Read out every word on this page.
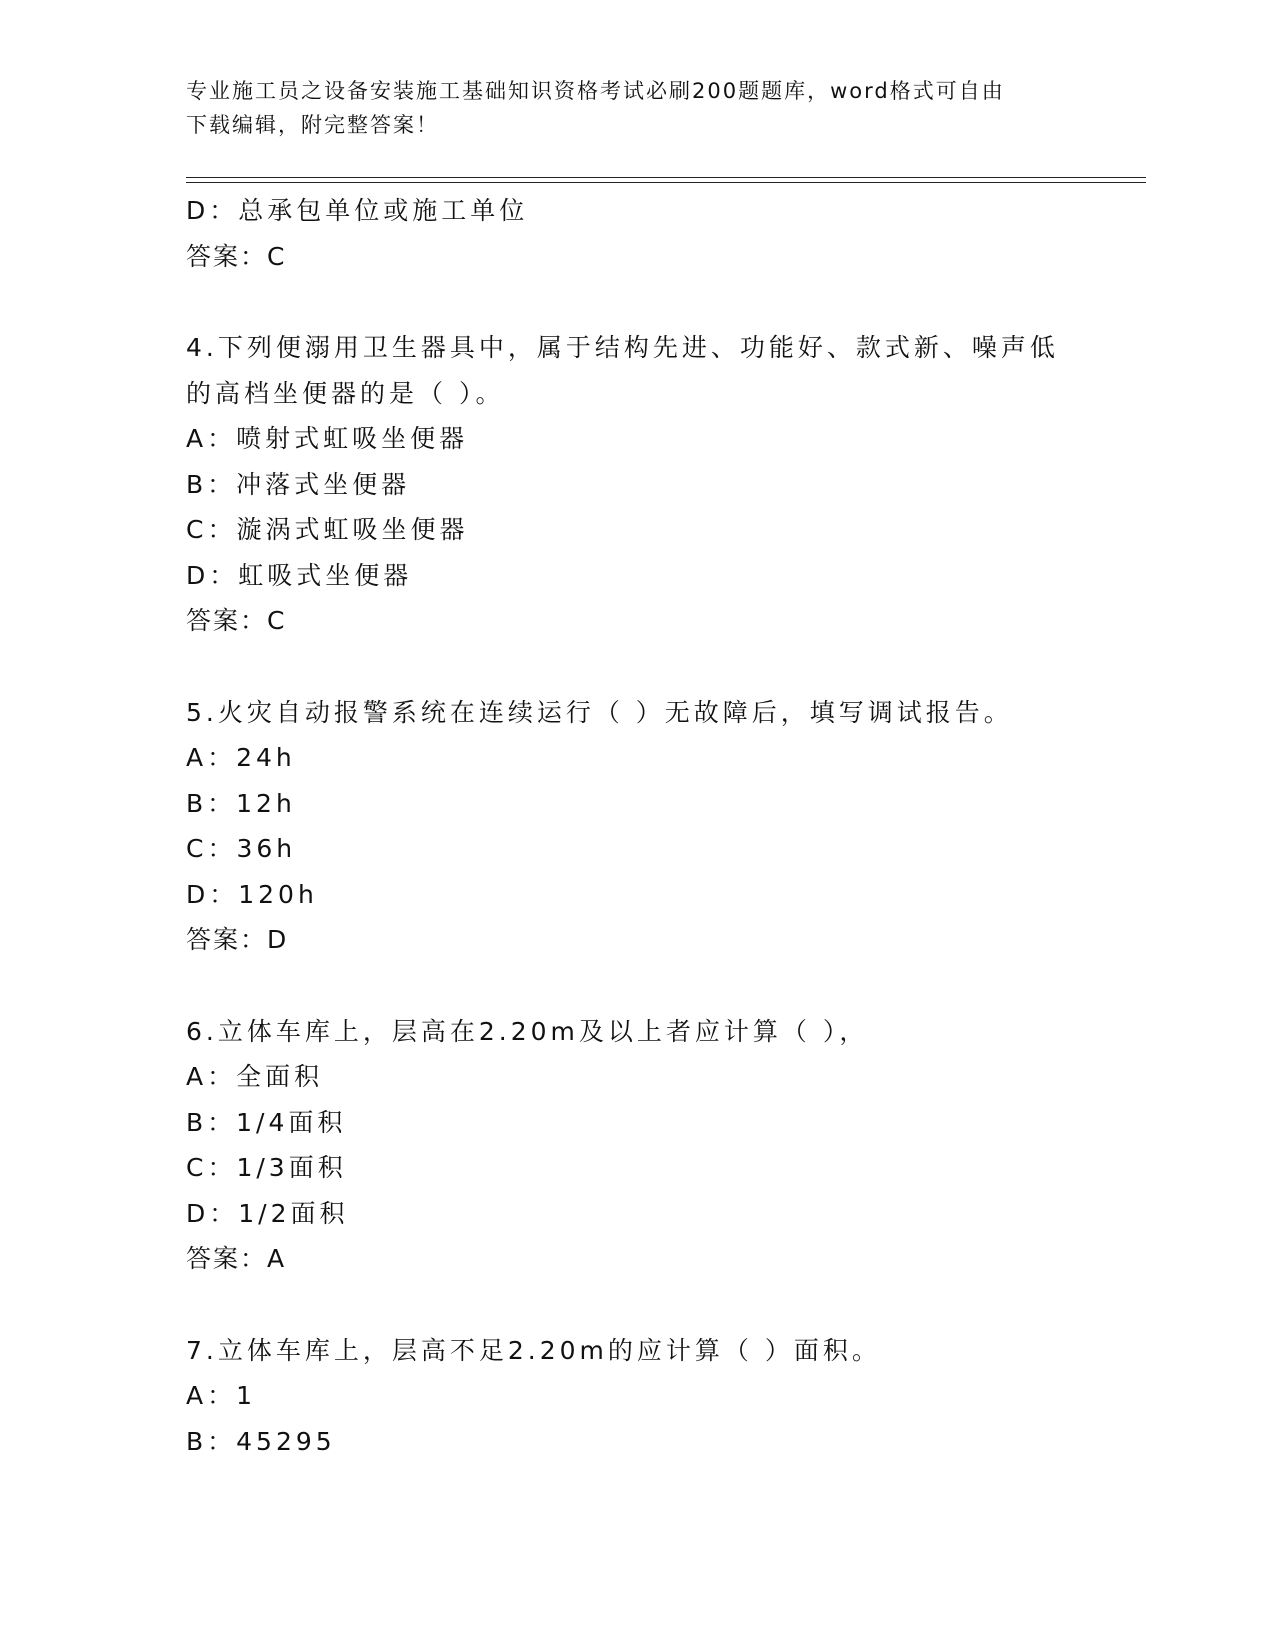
专业施工员之设备安装施工基础知识资格考试必刷200题题库，word格式可自由
下载编辑，附完整答案！
D：总承包单位或施工单位
答案：C
4.下列便溺用卫生器具中，属于结构先进、功能好、款式新、噪声低
的高档坐便器的是（ ）。
A：喷射式虹吸坐便器
B：冲落式坐便器
C：漩涡式虹吸坐便器
D：虹吸式坐便器
答案：C
5.火灾自动报警系统在连续运行（ ）无故障后，填写调试报告。
A：24h
B：12h
C：36h
D：120h
答案：D
6.立体车库上，层高在2.20m及以上者应计算（ ），
A：全面积
B：1/4面积
C：1/3面积
D：1/2面积
答案：A
7.立体车库上，层高不足2.20m的应计算（ ）面积。
A：1
B：45295
